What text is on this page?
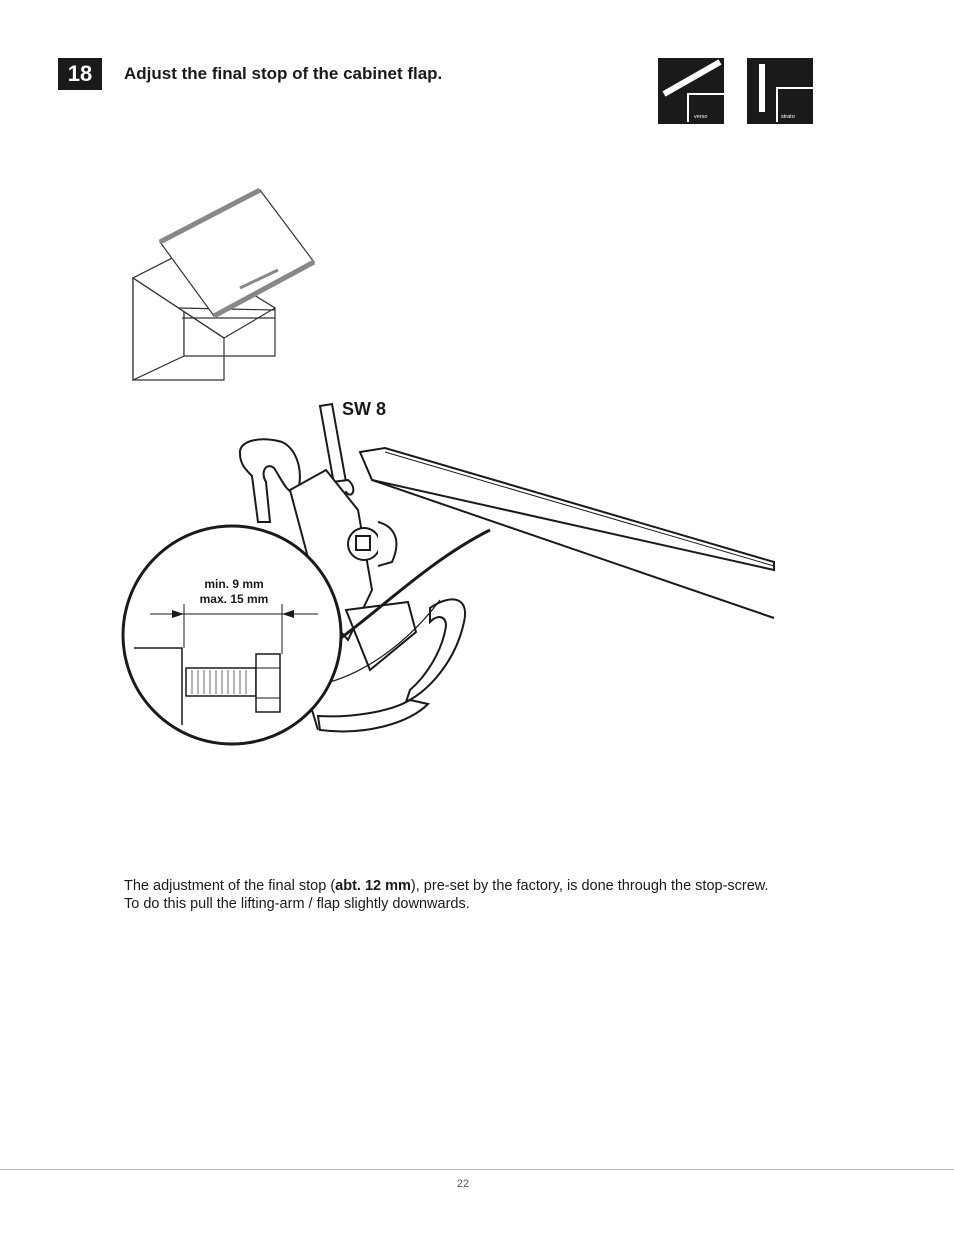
18 Adjust the final stop of the cabinet flap.
verso	strato
SW 8
min. 9 mm
max. 15 mm

The adjustment of the final stop (abt. 12 mm), pre-set by the factory, is done through the stop-screw.
To do this pull the lifting-arm / flap slightly downwards.

22
